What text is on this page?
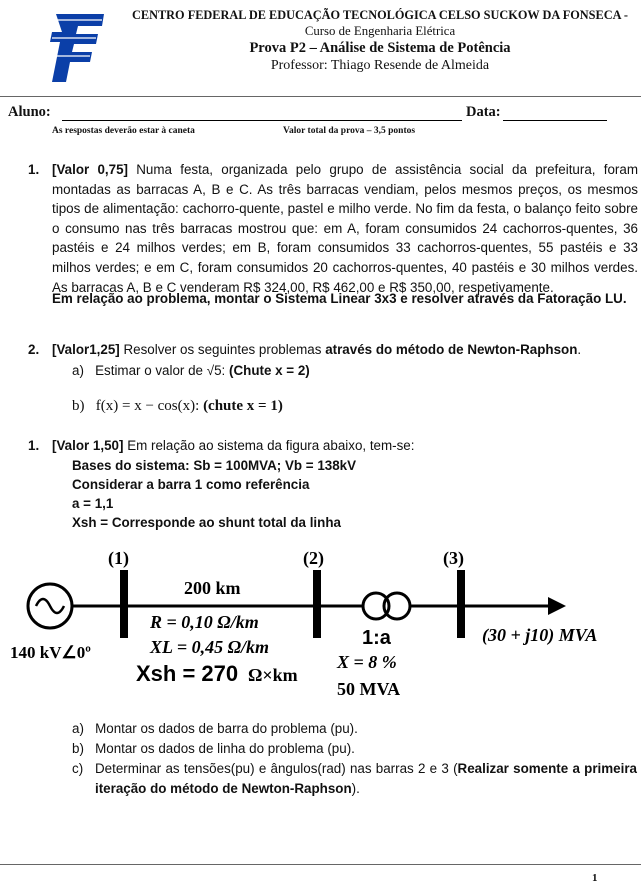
CENTRO FEDERAL DE EDUCAÇÃO TECNOLÓGICA CELSO SUCKOW DA FONSECA -
Curso de Engenharia Elétrica
Prova P2 – Análise de Sistema de Potência
Professor: Thiago Resende de Almeida
Aluno:	Data:
As respostas deverão estar à caneta	Valor total da prova – 3,5 pontos
1. [Valor 0,75] Numa festa, organizada pelo grupo de assistência social da prefeitura, foram montadas as barracas A, B e C. As três barracas vendiam, pelos mesmos preços, os mesmos tipos de alimentação: cachorro-quente, pastel e milho verde. No fim da festa, o balanço feito sobre o consumo nas três barracas mostrou que: em A, foram consumidos 24 cachorros-quentes, 36 pastéis e 24 milhos verdes; em B, foram consumidos 33 cachorros-quentes, 55 pastéis e 33 milhos verdes; e em C, foram consumidos 20 cachorros-quentes, 40 pastéis e 30 milhos verdes. As barracas A, B e C venderam R$ 324,00, R$ 462,00 e R$ 350,00, respetivamente.
Em relação ao problema, montar o Sistema Linear 3x3 e resolver através da Fatoração LU.
2. [Valor1,25] Resolver os seguintes problemas através do método de Newton-Raphson.
a) Estimar o valor de √5: (Chute x = 2)
b) f(x) = x − cos(x): (chute x = 1)
1. [Valor 1,50] Em relação ao sistema da figura abaixo, tem-se:
Bases do sistema: Sb = 100MVA; Vb = 138kV
Considerar a barra 1 como referência
a = 1,1
Xsh = Corresponde ao shunt total da linha
(1)	(2)	(3)
200 km
R = 0,10 Ω/km
XL = 0,45 Ω/km
Xsh = 270 Ω×km
140 kV∠0º
1:a
X = 8 %
50 MVA
(30 + j10) MVA
a) Montar os dados de barra do problema (pu).
b) Montar os dados de linha do problema (pu).
c) Determinar as tensões(pu) e ângulos(rad) nas barras 2 e 3 (Realizar somente a primeira iteração do método de Newton-Raphson).
1
